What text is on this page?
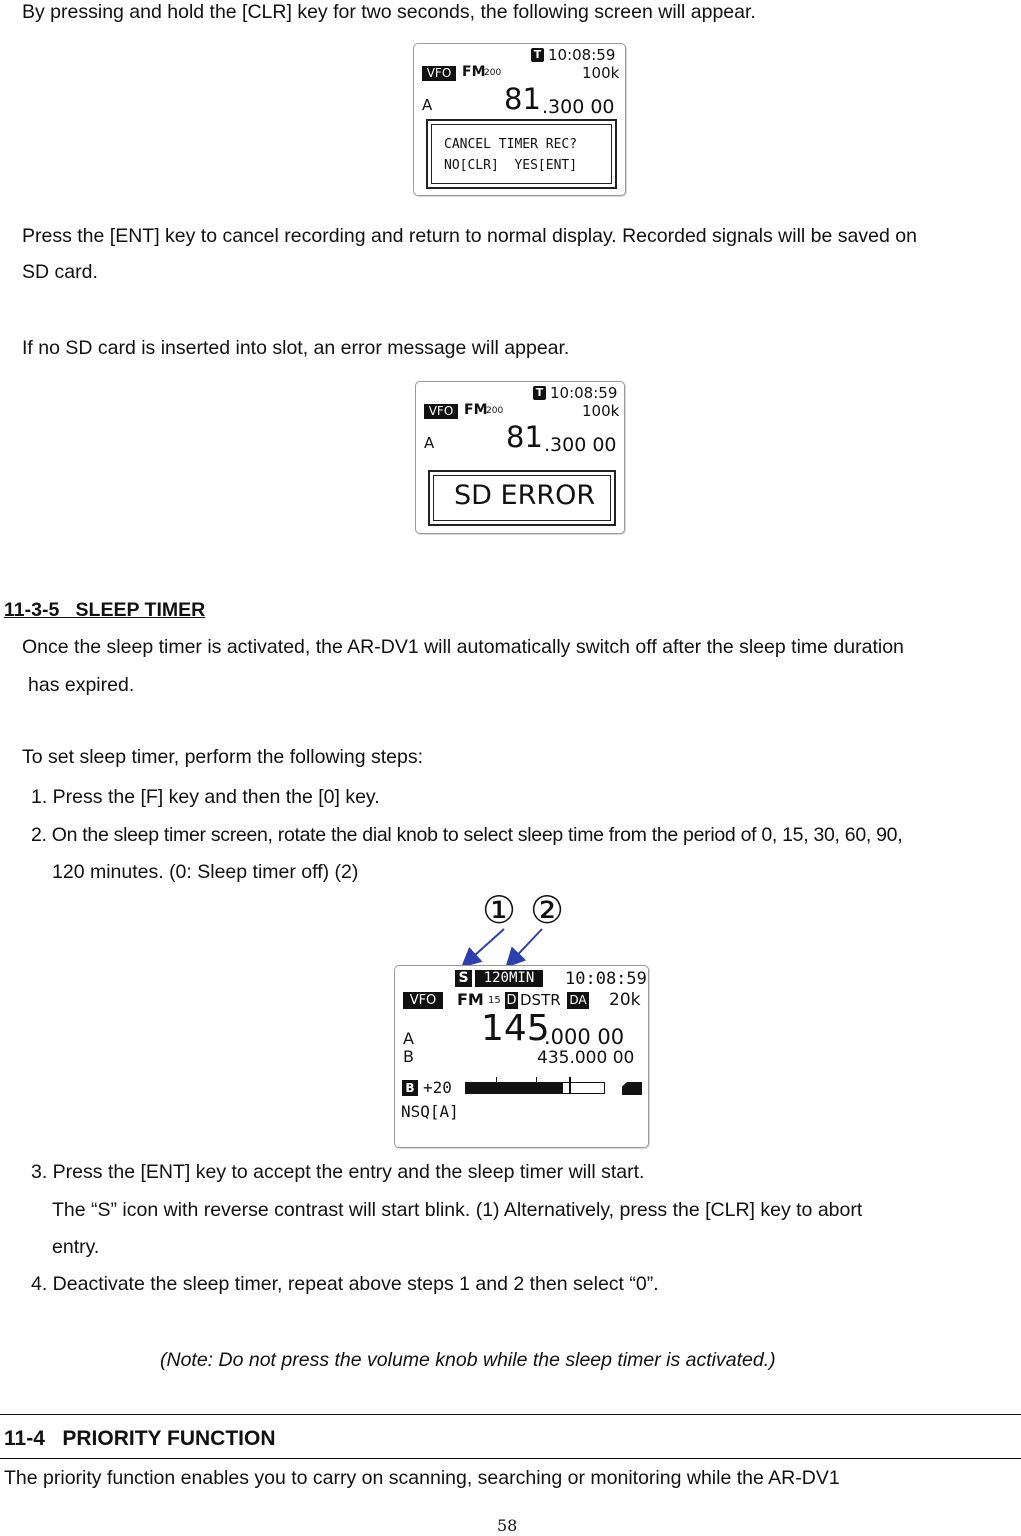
By pressing and hold the [CLR] key for two seconds, the following screen will appear.
T 10:08:59
VFO FM
200	100k
A 81 .300 00
CANCEL TIMER REC?
NO[CLR]  YES[ENT]
Press the [ENT] key to cancel recording and return to normal display. Recorded signals will be saved on
SD card.
If no SD card is inserted into slot, an error message will appear.
T 10:08:59
VFO FM
200	100k
A 81 .300 00
SD ERROR
11-3-5   SLEEP TIMER
Once the sleep timer is activated, the AR-DV1 will automatically switch off after the sleep time duration
has expired.
To set sleep timer, perform the following steps:
1. Press the [F] key and then the [0] key.
2. On the sleep timer screen, rotate the dial knob to select sleep time from the period of 0, 15, 30, 60, 90,
120 minutes. (0: Sleep timer off) (2)
① ②
S	120MIN	10:08:59
VFO	FM 15 D DSTR DA 20k
A
B
145
.000 00
435.000 00
B +20
NSQ[A]
3. Press the [ENT] key to accept the entry and the sleep timer will start.
The “S” icon with reverse contrast will start blink. (1) Alternatively, press the [CLR] key to abort
entry.
4. Deactivate the sleep timer, repeat above steps 1 and 2 then select “0”.
(Note: Do not press the volume knob while the sleep timer is activated.)
11-4   PRIORITY FUNCTION
The priority function enables you to carry on scanning, searching or monitoring while the AR-DV1
58
